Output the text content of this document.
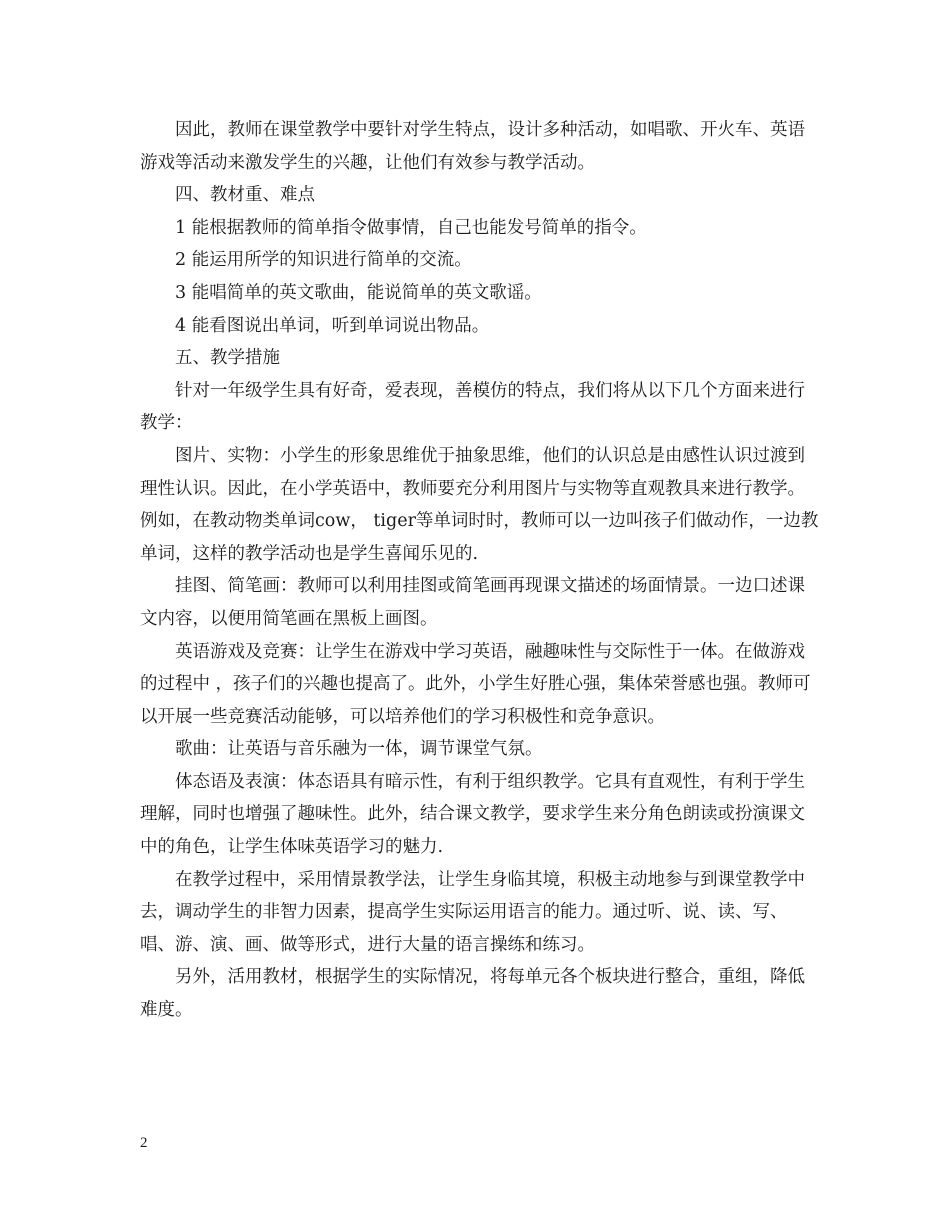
因此，教师在课堂教学中要针对学生特点，设计多种活动，如唱歌、开火车、英语游戏等活动来激发学生的兴趣，让他们有效参与教学活动。

四、教材重、难点

1 能根据教师的简单指令做事情，自己也能发号简单的指令。

2 能运用所学的知识进行简单的交流。

3 能唱简单的英文歌曲，能说简单的英文歌谣。

4 能看图说出单词，听到单词说出物品。

五、教学措施

针对一年级学生具有好奇，爱表现，善模仿的特点，我们将从以下几个方面来进行教学：

图片、实物：小学生的形象思维优于抽象思维，他们的认识总是由感性认识过渡到理性认识。因此，在小学英语中，教师要充分利用图片与实物等直观教具来进行教学。例如，在教动物类单词cow， tiger等单词时时，教师可以一边叫孩子们做动作，一边教单词，这样的教学活动也是学生喜闻乐见的.

挂图、简笔画：教师可以利用挂图或简笔画再现课文描述的场面情景。一边口述课文内容，以便用简笔画在黑板上画图。

英语游戏及竞赛：让学生在游戏中学习英语，融趣味性与交际性于一体。在做游戏的过程中 ，孩子们的兴趣也提高了。此外，小学生好胜心强，集体荣誉感也强。教师可以开展一些竞赛活动能够，可以培养他们的学习积极性和竞争意识。

歌曲：让英语与音乐融为一体，调节课堂气氛。

体态语及表演：体态语具有暗示性，有利于组织教学。它具有直观性，有利于学生理解，同时也增强了趣味性。此外，结合课文教学，要求学生来分角色朗读或扮演课文中的角色，让学生体味英语学习的魅力.

在教学过程中，采用情景教学法，让学生身临其境，积极主动地参与到课堂教学中去，调动学生的非智力因素，提高学生实际运用语言的能力。通过听、说、读、写、唱、游、演、画、做等形式，进行大量的语言操练和练习。

另外，活用教材，根据学生的实际情况，将每单元各个板块进行整合，重组，降低难度。

2
